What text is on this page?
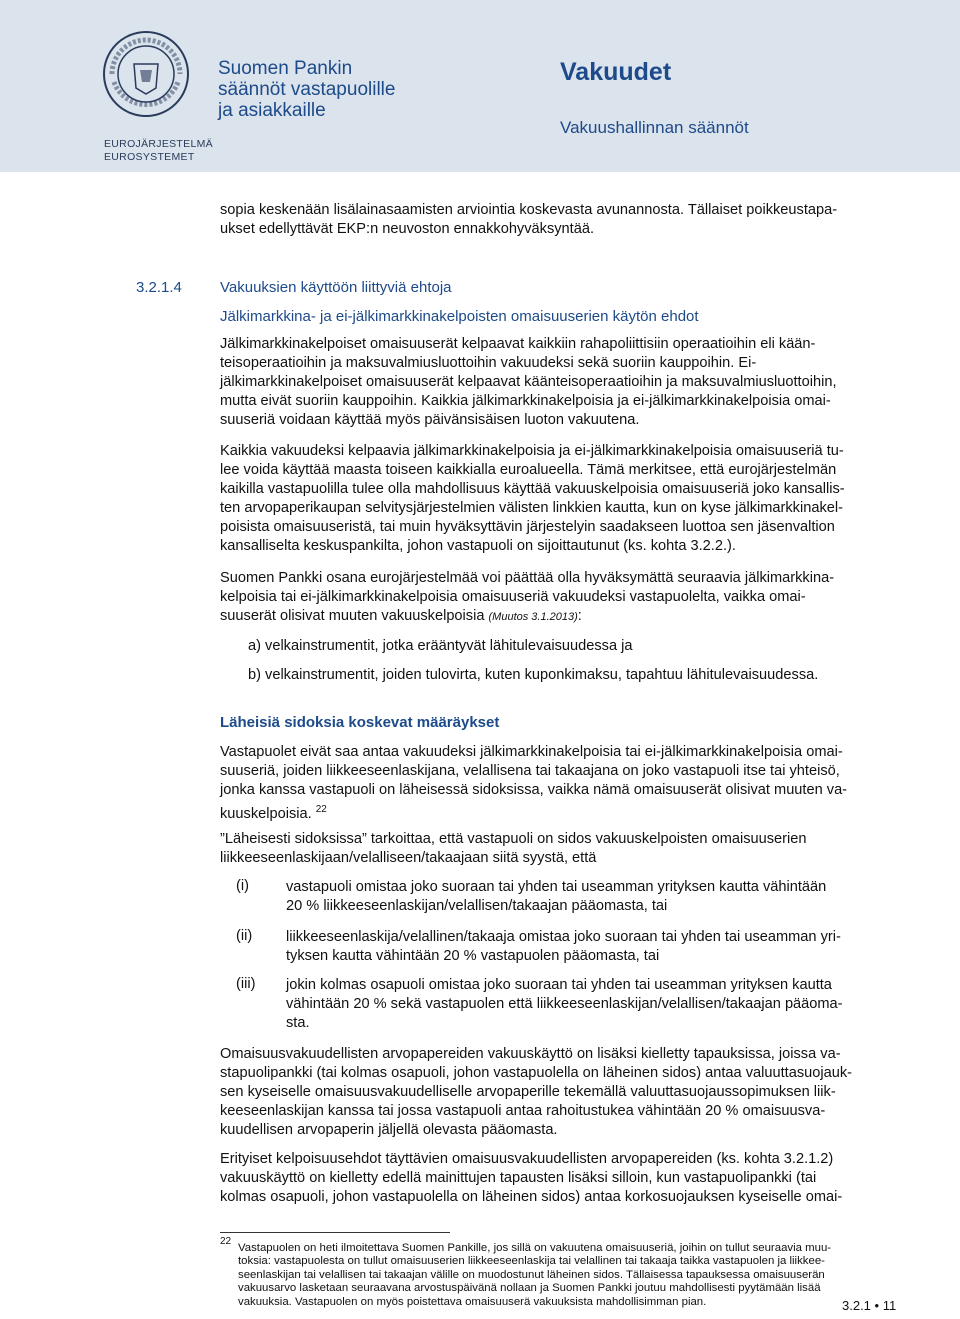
EUROJÄRJESTELMÄ
EUROSYSTEMET
Suomen Pankin
säännöt vastapuolille
ja asiakkaille
Vakuudet
Vakuushallinnan säännöt
sopia keskenään lisälainasaamisten arviointia koskevasta avunannosta. Tällaiset poikkeustapa-
ukset edellyttävät EKP:n neuvoston ennakkohyväksyntää.
3.2.1.4	Vakuuksien käyttöön liittyviä ehtoja
Jälkimarkkina- ja ei-jälkimarkkinakelpoisten omaisuuserien käytön ehdot
Jälkimarkkinakelpoiset omaisuuserät kelpaavat kaikkiin rahapoliittisiin operaatioihin eli kään-
teisoperaatioihin ja maksuvalmiusluottoihin vakuudeksi sekä suoriin kauppoihin. Ei-
jälkimarkkinakelpoiset omaisuuserät kelpaavat käänteisoperaatioihin ja maksuvalmiusluottoihin,
mutta eivät suoriin kauppoihin. Kaikkia jälkimarkkinakelpoisia ja ei-jälkimarkkinakelpoisia omai-
suuseriä voidaan käyttää myös päivänsisäisen luoton vakuutena.
Kaikkia vakuudeksi kelpaavia jälkimarkkinakelpoisia ja ei-jälkimarkkinakelpoisia omaisuuseriä tu-
lee voida käyttää maasta toiseen kaikkialla euroalueella. Tämä merkitsee, että eurojärjestelmän
kaikilla vastapuolilla tulee olla mahdollisuus käyttää vakuuskelpoisia omaisuuseriä joko kansallis-
ten arvopaperikaupan selvitysjärjestelmien välisten linkkien kautta, kun on kyse jälkimarkkinakel-
poisista omaisuuseristä, tai muin hyväksyttävin järjestelyin saadakseen luottoa sen jäsenvaltion
kansalliselta keskuspankilta, johon vastapuoli on sijoittautunut (ks. kohta 3.2.2.).
Suomen Pankki osana eurojärjestelmää voi päättää olla hyväksymättä seuraavia jälkimarkkina-
kelpoisia tai ei-jälkimarkkinakelpoisia omaisuuseriä vakuudeksi vastapuolelta, vaikka omai-
suuserät olisivat muuten vakuuskelpoisia (Muutos 3.1.2013):
a) velkainstrumentit, jotka erääntyvät lähitulevaisuudessa ja
b) velkainstrumentit, joiden tulovirta, kuten kuponkimaksu, tapahtuu lähitulevaisuudessa.
Läheisiä sidoksia koskevat määräykset
Vastapuolet eivät saa antaa vakuudeksi jälkimarkkinakelpoisia tai ei-jälkimarkkinakelpoisia omai-
suuseriä, joiden liikkeeseenlaskijana, velallisena tai takaajana on joko vastapuoli itse tai yhteisö,
jonka kanssa vastapuoli on läheisessä sidoksissa, vaikka nämä omaisuuserät olisivat muuten va-
kuuskelpoisia. $^{22}$
”Läheisesti sidoksissa” tarkoittaa, että vastapuoli on sidos vakuuskelpoisten omaisuuserien
liikkeeseenlaskijaan/velalliseen/takaajaan siitä syystä, että
(i)	vastapuoli omistaa joko suoraan tai yhden tai useamman yrityksen kautta vähintään
20 % liikkeeseenlaskijan/velallisen/takaajan pääomasta, tai
(ii) liikkeeseenlaskija/velallinen/takaaja omistaa joko suoraan tai yhden tai useamman yri-
tyksen kautta vähintään 20 % vastapuolen pääomasta, tai
(iii) jokin kolmas osapuoli omistaa joko suoraan tai yhden tai useamman yrityksen kautta
vähintään 20 % sekä vastapuolen että liikkeeseenlaskijan/velallisen/takaajan pääoma-
sta.
Omaisuusvakuudellisten arvopapereiden vakuuskäyttö on lisäksi kielletty tapauksissa, joissa va-
stapuolipankki (tai kolmas osapuoli, johon vastapuolella on läheinen sidos) antaa valuuttasuojauk-
sen kyseiselle omaisuusvakuudelliselle arvopaperille tekemällä valuuttasuojaussopimuksen liik-
keeseenlaskijan kanssa tai jossa vastapuoli antaa rahoitustukea vähintään 20 % omaisuusva-
kuudellisen arvopaperin jäljellä olevasta pääomasta.
Erityiset kelpoisuusehdot täyttävien omaisuusvakuudellisten arvopapereiden (ks. kohta 3.2.1.2)
vakuuskäyttö on kielletty edellä mainittujen tapausten lisäksi silloin, kun vastapuolipankki (tai
kolmas osapuoli, johon vastapuolella on läheinen sidos) antaa korkosuojauksen kyseiselle omai-
22
Vastapuolen on heti ilmoitettava Suomen Pankille, jos sillä on vakuutena omaisuuseriä, joihin on tullut seuraavia muu-
toksia: vastapuolesta on tullut omaisuuserien liikkeeseenlaskija tai velallinen tai takaaja taikka vastapuolen ja liikkee-
seenlaskijan tai velallisen tai takaajan välille on muodostunut läheinen sidos. Tällaisessa tapauksessa omaisuuserän
vakuusarvo lasketaan seuraavana arvostuspäivänä nollaan ja Suomen Pankki joutuu mahdollisesti pyytämään lisää
vakuuksia. Vastapuolen on myös poistettava omaisuuserä vakuuksista mahdollisimman pian.	3.2.1 • 11
